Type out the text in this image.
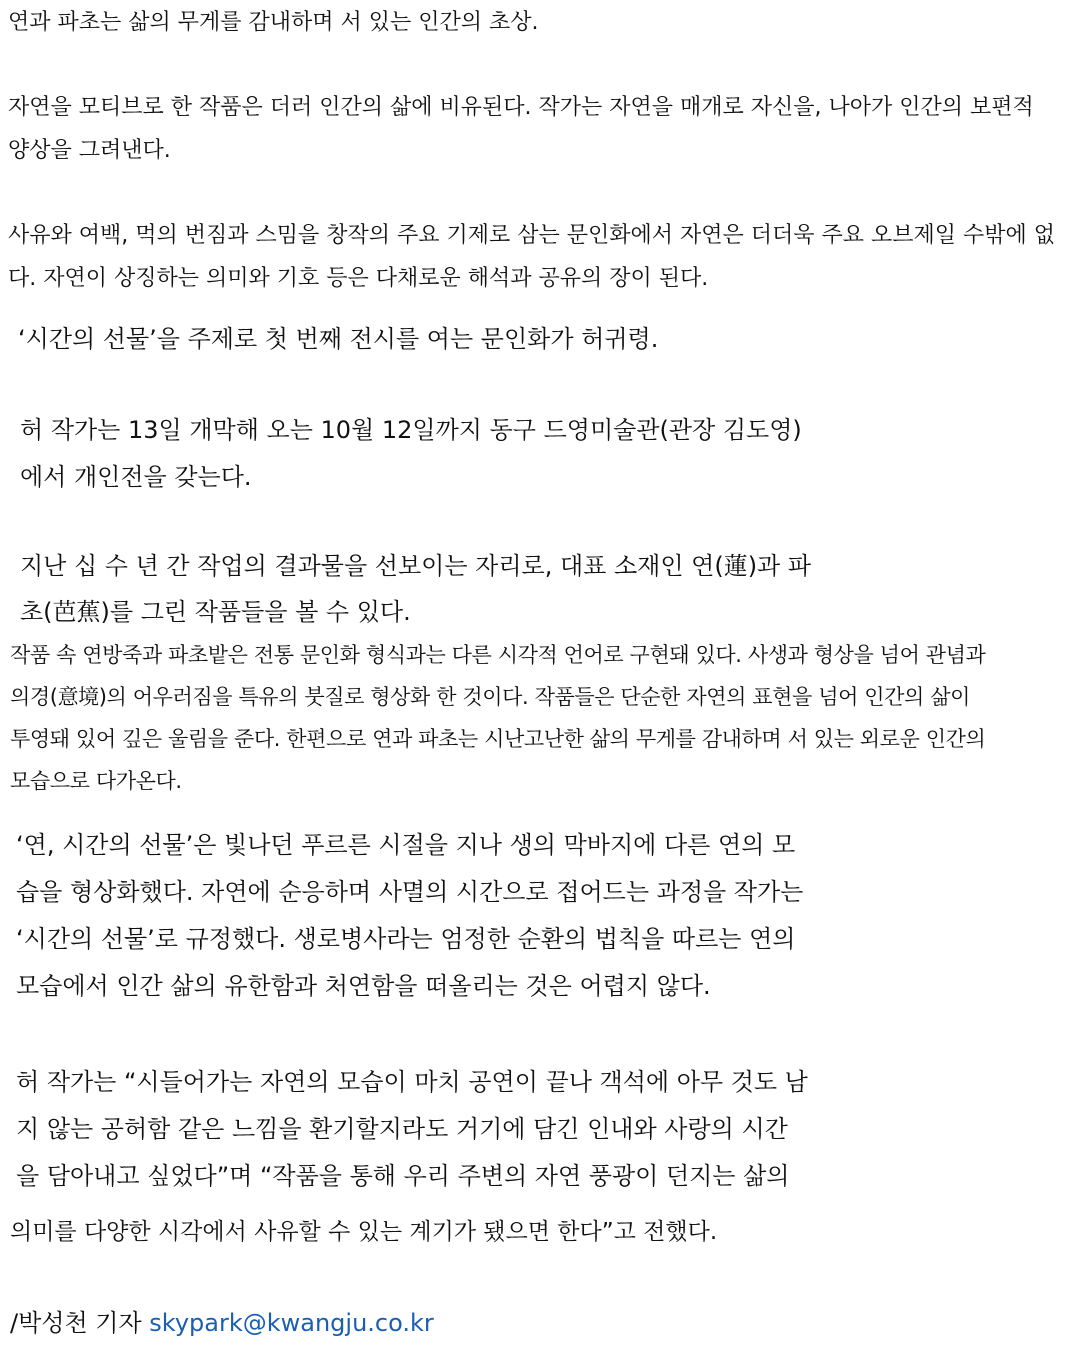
연과 파초는 삶의 무게를 감내하며 서 있는 인간의 초상.

자연을 모티브로 한 작품은 더러 인간의 삶에 비유된다. 작가는 자연을 매개로 자신을, 나아가 인간의 보편적

양상을 그려낸다.

사유와 여백, 먹의 번짐과 스밈을 창작의 주요 기제로 삼는 문인화에서 자연은 더더욱 주요 오브제일 수밖에 없

다. 자연이 상징하는 의미와 기호 등은 다채로운 해석과 공유의 장이 된다.

‘시간의 선물’을 주제로 첫 번째 전시를 여는 문인화가 허귀령.

허 작가는 13일 개막해 오는 10월 12일까지 동구 드영미술관(관장 김도영)

에서 개인전을 갖는다.

지난 십 수 년 간 작업의 결과물을 선보이는 자리로, 대표 소재인 연(蓮)과 파

초(芭蕉)를 그린 작품들을 볼 수 있다.

작품 속 연방죽과 파초밭은 전통 문인화 형식과는 다른 시각적 언어로 구현돼 있다. 사생과 형상을 넘어 관념과

의경(意境)의 어우러짐을 특유의 붓질로 형상화 한 것이다. 작품들은 단순한 자연의 표현을 넘어 인간의 삶이

투영돼 있어 깊은 울림을 준다. 한편으로 연과 파초는 시난고난한 삶의 무게를 감내하며 서 있는 외로운 인간의

모습으로 다가온다.

‘연, 시간의 선물’은 빛나던 푸르른 시절을 지나 생의 막바지에 다른 연의 모

습을 형상화했다. 자연에 순응하며 사멸의 시간으로 접어드는 과정을 작가는

‘시간의 선물’로 규정했다. 생로병사라는 엄정한 순환의 법칙을 따르는 연의

모습에서 인간 삶의 유한함과 처연함을 떠올리는 것은 어렵지 않다.

허 작가는 “시들어가는 자연의 모습이 마치 공연이 끝나 객석에 아무 것도 남

지 않는 공허함 같은 느낌을 환기할지라도 거기에 담긴 인내와 사랑의 시간

을 담아내고 싶었다”며 “작품을 통해 우리 주변의 자연 풍광이 던지는 삶의

의미를 다양한 시각에서 사유할 수 있는 계기가 됐으면 한다”고 전했다.

/박성천 기자 skypark@kwangju.co.kr
